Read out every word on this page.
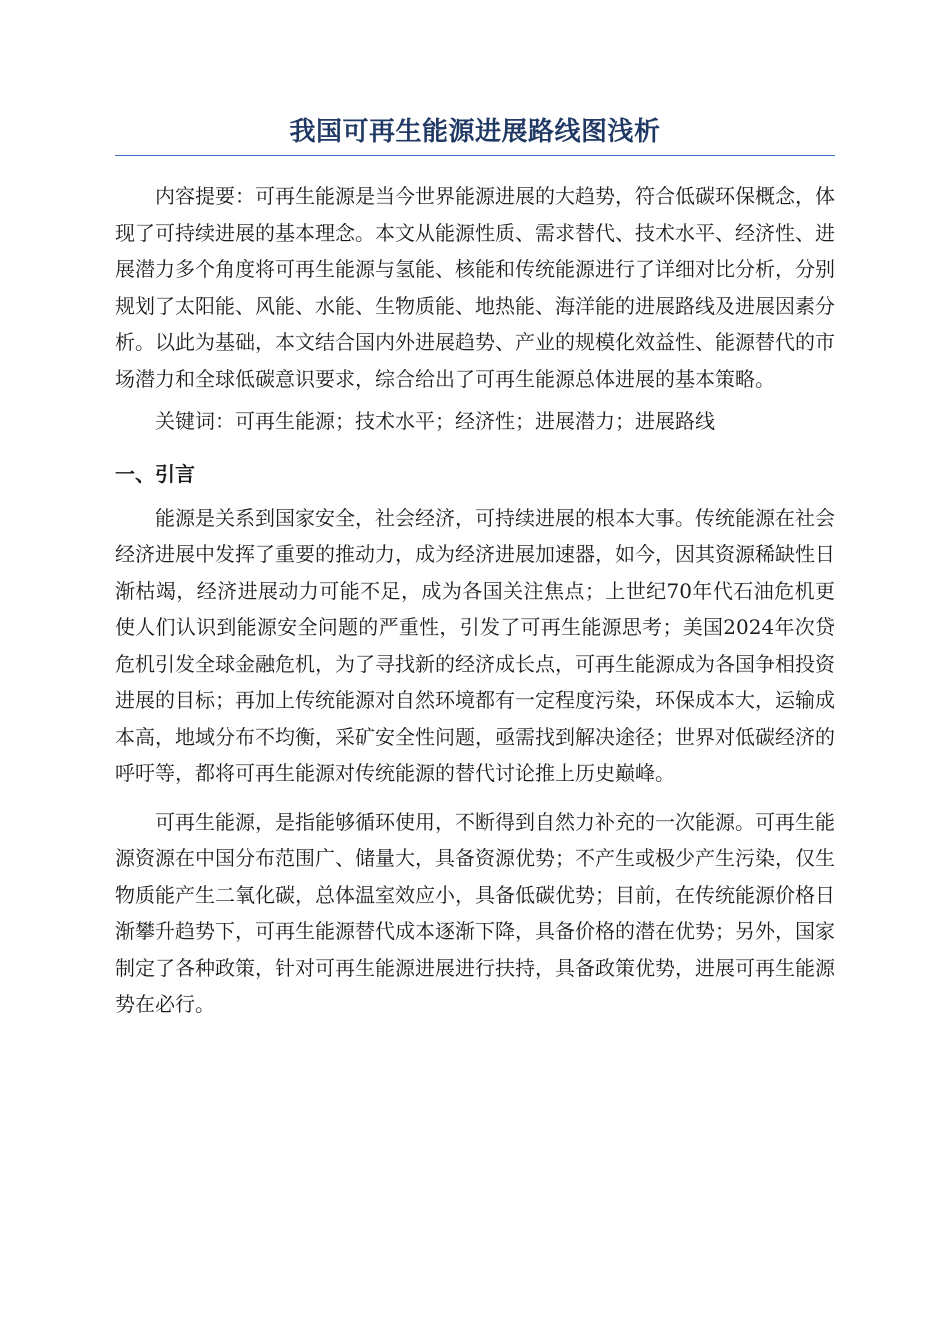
我国可再生能源进展路线图浅析

内容提要：可再生能源是当今世界能源进展的大趋势，符合低碳环保概念，体现了可持续进展的基本理念。本文从能源性质、需求替代、技术水平、经济性、进展潜力多个角度将可再生能源与氢能、核能和传统能源进行了详细对比分析，分别规划了太阳能、风能、水能、生物质能、地热能、海洋能的进展路线及进展因素分析。以此为基础，本文结合国内外进展趋势、产业的规模化效益性、能源替代的市场潜力和全球低碳意识要求，综合给出了可再生能源总体进展的基本策略。

关键词：可再生能源；技术水平；经济性；进展潜力；进展路线

一、引言

能源是关系到国家安全，社会经济，可持续进展的根本大事。传统能源在社会经济进展中发挥了重要的推动力，成为经济进展加速器，如今，因其资源稀缺性日渐枯竭，经济进展动力可能不足，成为各国关注焦点；上世纪70年代石油危机更使人们认识到能源安全问题的严重性，引发了可再生能源思考；美国2024年次贷危机引发全球金融危机，为了寻找新的经济成长点，可再生能源成为各国争相投资进展的目标；再加上传统能源对自然环境都有一定程度污染，环保成本大，运输成本高，地域分布不均衡，采矿安全性问题，亟需找到解决途径；世界对低碳经济的呼吁等，都将可再生能源对传统能源的替代讨论推上历史巅峰。

可再生能源，是指能够循环使用，不断得到自然力补充的一次能源。可再生能源资源在中国分布范围广、储量大，具备资源优势；不产生或极少产生污染，仅生物质能产生二氧化碳，总体温室效应小，具备低碳优势；目前，在传统能源价格日渐攀升趋势下，可再生能源替代成本逐渐下降，具备价格的潜在优势；另外，国家制定了各种政策，针对可再生能源进展进行扶持，具备政策优势，进展可再生能源势在必行。
